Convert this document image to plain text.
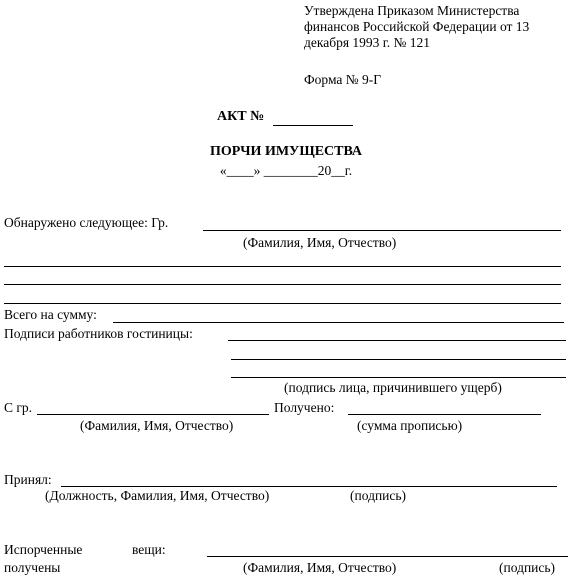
Утверждена Приказом Министерства
финансов Российской Федерации от 13
декабря 1993 г. № 121
Форма № 9-Г
АКТ №
ПОРЧИ ИМУЩЕСТВА
«____» ________20__г.
Обнаружено следующее: Гр.
(Фамилия, Имя, Отчество)
Всего на сумму:
Подписи работников гостиницы:
(подпись лица, причинившего ущерб)
С гр.	Получено:
(Фамилия, Имя, Отчество)	(сумма прописью)
Принял:
(Должность, Фамилия, Имя, Отчество)	(подпись)
Испорченные	вещи:
получены	(Фамилия, Имя, Отчество)	(подпись)
